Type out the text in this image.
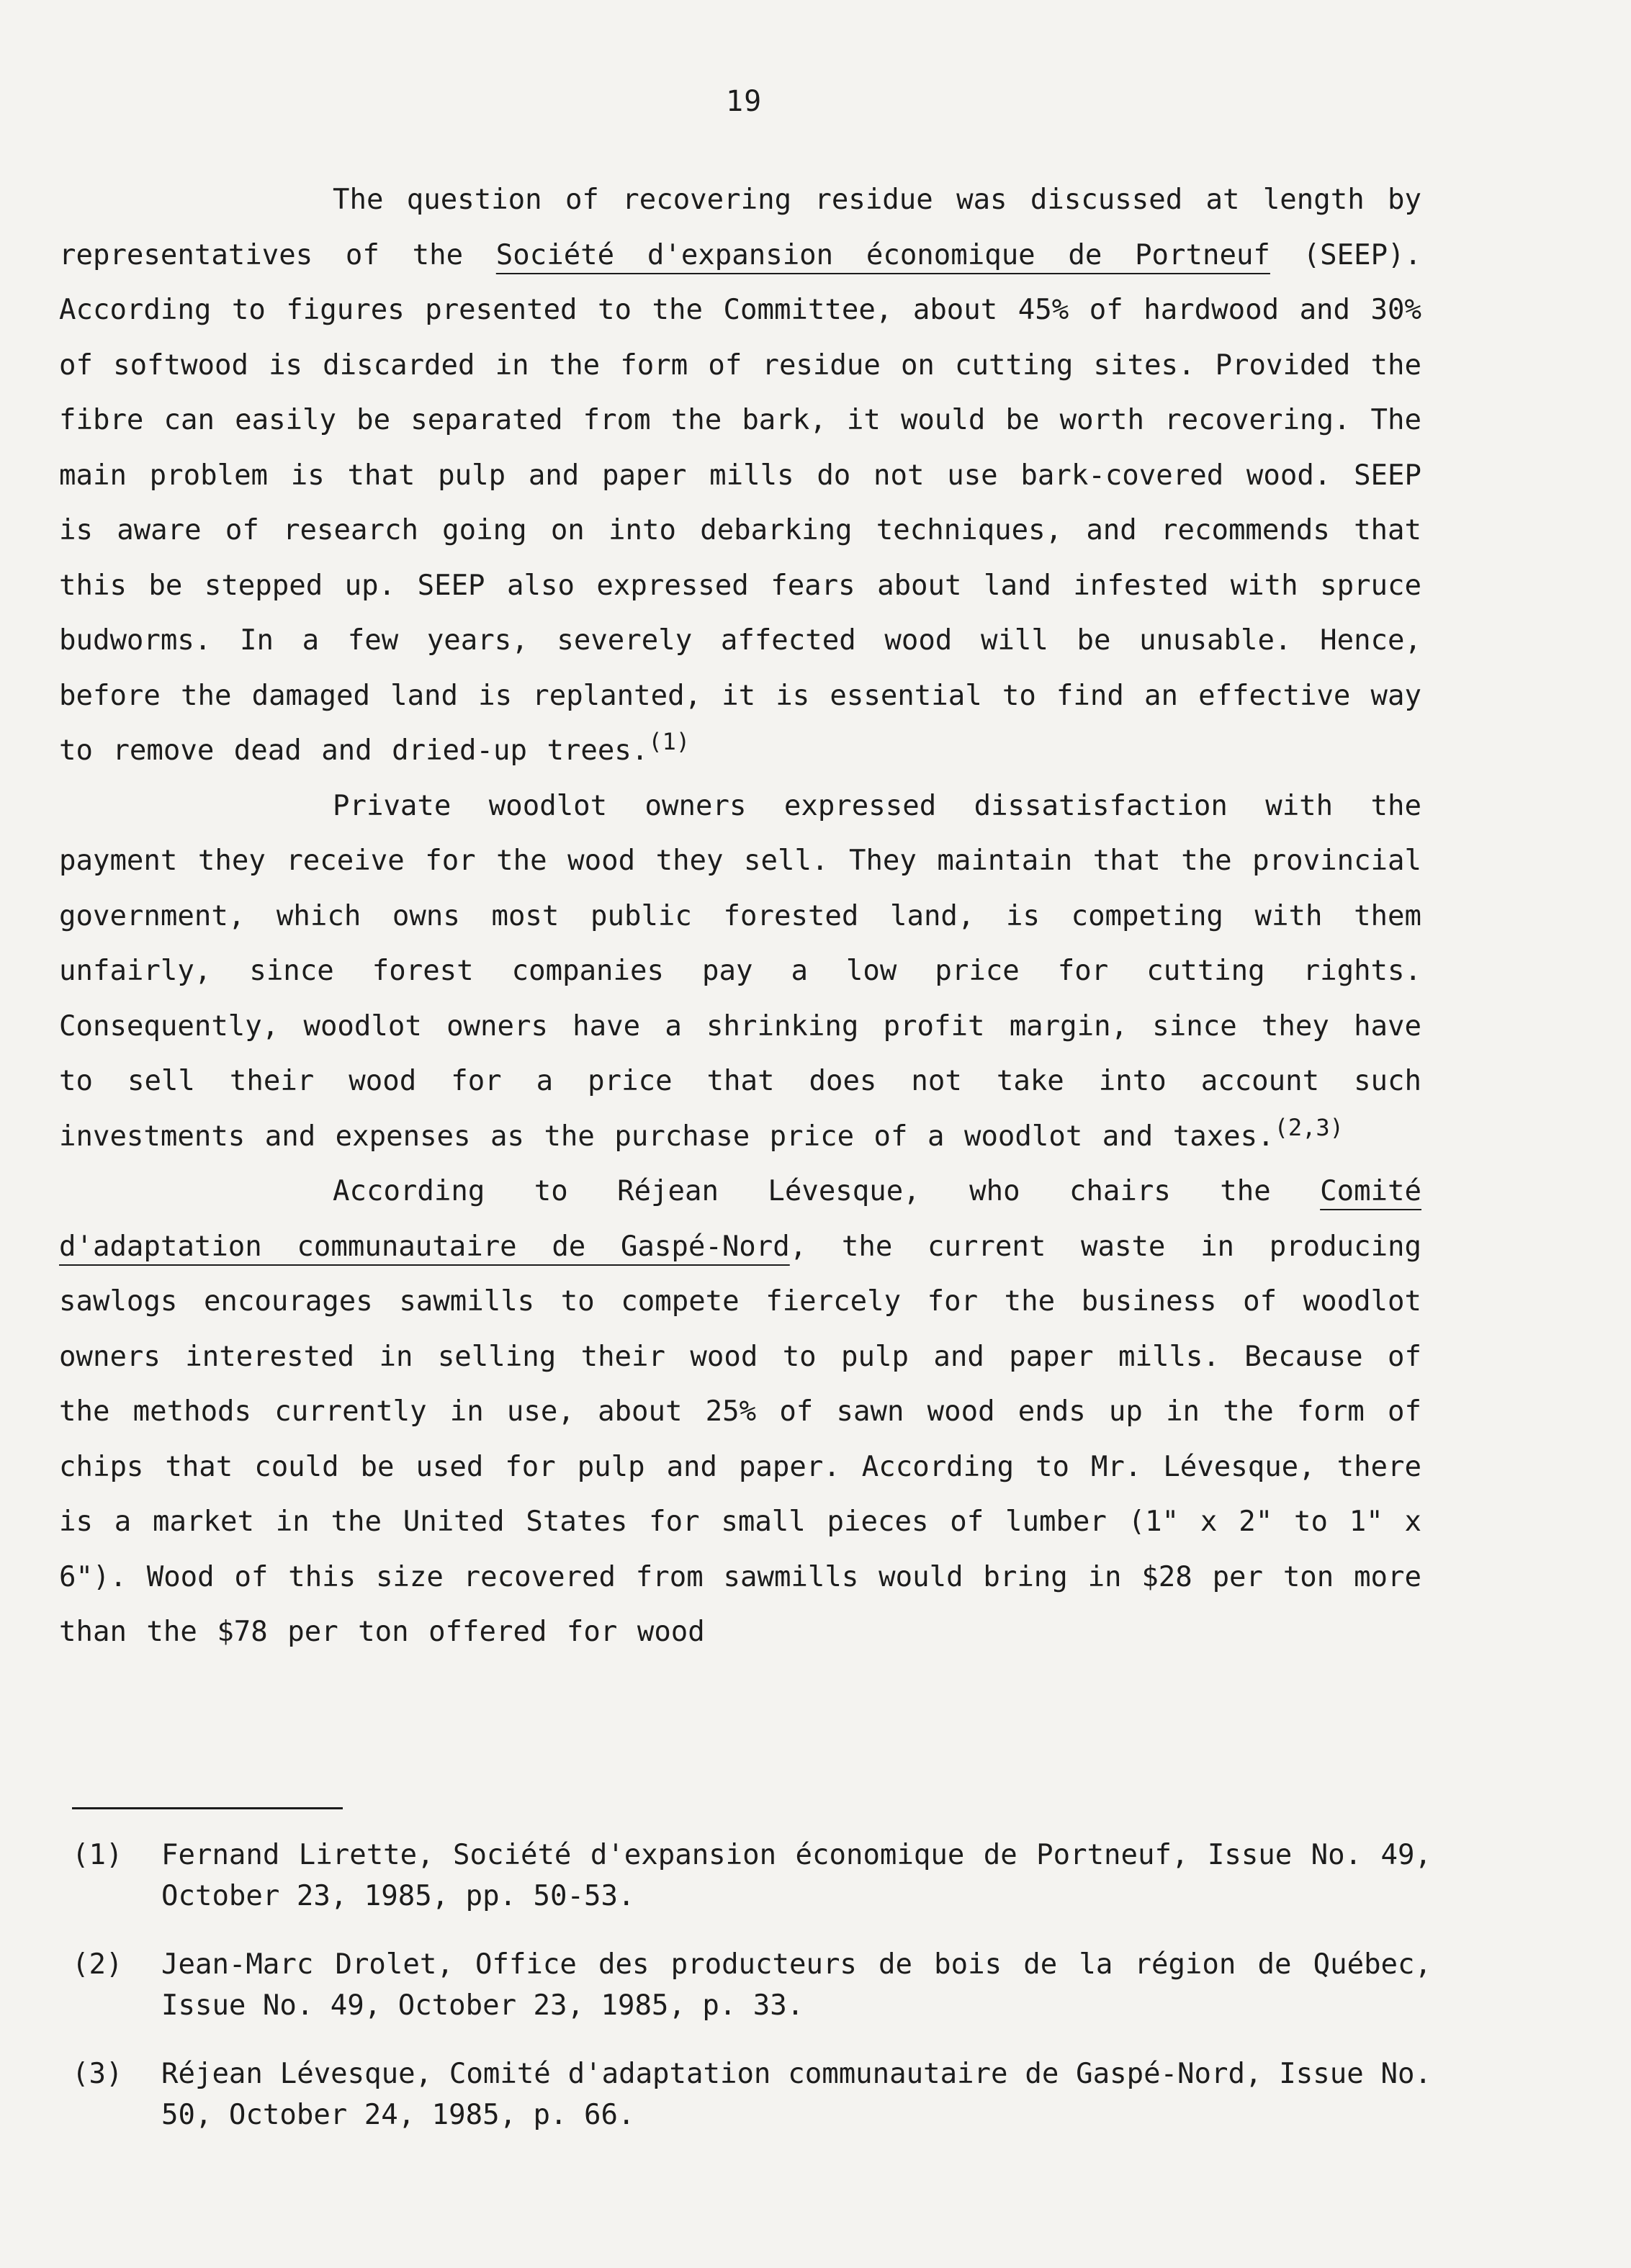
19

The question of recovering residue was discussed at length by representatives of the Société d'expansion économique de Portneuf (SEEP). According to figures presented to the Committee, about 45% of hardwood and 30% of softwood is discarded in the form of residue on cutting sites. Provided the fibre can easily be separated from the bark, it would be worth recovering. The main problem is that pulp and paper mills do not use bark-covered wood. SEEP is aware of research going on into debarking techniques, and recommends that this be stepped up. SEEP also expressed fears about land infested with spruce budworms. In a few years, severely affected wood will be unusable. Hence, before the damaged land is replanted, it is essential to find an effective way to remove dead and dried-up trees.$^{(1)}$

Private woodlot owners expressed dissatisfaction with the payment they receive for the wood they sell. They maintain that the provincial government, which owns most public forested land, is competing with them unfairly, since forest companies pay a low price for cutting rights. Consequently, woodlot owners have a shrinking profit margin, since they have to sell their wood for a price that does not take into account such investments and expenses as the purchase price of a woodlot and taxes.$^{(2,3)}$

According to Réjean Lévesque, who chairs the Comité d'adaptation communautaire de Gaspé-Nord, the current waste in producing sawlogs encourages sawmills to compete fiercely for the business of woodlot owners interested in selling their wood to pulp and paper mills. Because of the methods currently in use, about 25% of sawn wood ends up in the form of chips that could be used for pulp and paper. According to Mr. Lévesque, there is a market in the United States for small pieces of lumber (1" x 2" to 1" x 6"). Wood of this size recovered from sawmills would bring in $28 per ton more than the $78 per ton offered for wood

(1)	Fernand Lirette, Société d'expansion économique de Portneuf, Issue No. 49, October 23, 1985, pp. 50-53.
(2)	Jean-Marc Drolet, Office des producteurs de bois de la région de Québec, Issue No. 49, October 23, 1985, p. 33.
(3)	Réjean Lévesque, Comité d'adaptation communautaire de Gaspé-Nord, Issue No. 50, October 24, 1985, p. 66.
